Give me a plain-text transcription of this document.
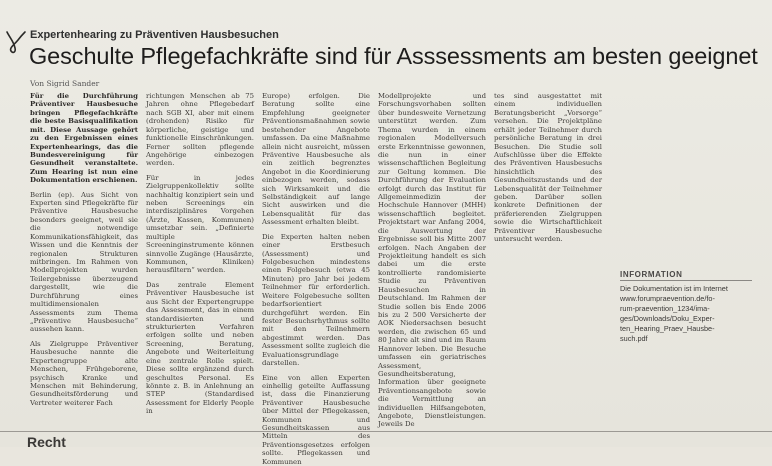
Expertenhearing zu Präventiven Hausbesuchen
Geschulte Pflegefachkräfte sind für Asssessments am besten geeignet
Von Sigrid Sander

Für die Durchführung Präventiver Hausbesuche bringen Pflegefachkräfte die beste Basisqualifikation mit. Diese Aussage gehört zu den Ergebnissen eines Expertenhearings, das die Bundesvereinigung für Gesundheit veranstaltete. Zum Hearing ist nun eine Dokumentation erschienen.

Berlin (ep). Aus Sicht von Experten sind Pflegekräfte für Präventive Hausbesuche besonders geeignet, weil sie die notwendige Kommunikationsfähigkeit, das Wissen und die Kenntnis der regionalen Strukturen mitbringen. Im Rahmen von Modellprojekten wurden Teilergebnisse überzeugend dargestellt, wie die Durchführung eines multidimensionalen Assessments zum Thema „Präventive Hausbesuche“ aussehen kann.

Als Zielgruppe Präventiver Hausbesuche nannte die Expertengruppe alte Menschen, Frühgeborene, psychisch Kranke und Menschen mit Behinderung, Gesundheitsförderung und Vertreter weiterer Fach

richtungen Menschen ab 75 Jahren ohne Pflegebedarf nach SGB XI, aber mit einem (drohenden) Risiko für körperliche, geistige und funktionelle Einschränkungen. Ferner sollten pflegende Angehörige einbezogen werden.

Für in jedes Zielgruppenkollektiv sollte nachhaltig konzipiert sein und neben Screenings ein interdisziplinäres Vorgehen (Ärzte, Kassen, Kommunen) umsetzbar sein. „Definierte multiple Screeninginstrumente können sinnvolle Zugänge (Hausärzte, Kommunen, Kliniken) herausfiltern“ werden.

Das zentrale Element Präventiver Hausbesuche ist aus Sicht der Expertengruppe das Assessment, das in einem standardisierten und strukturierten Verfahren erfolgen sollte und neben Screening, Beratung, Angebote und Weiterleitung eine zentrale Rolle spielt. Diese sollte ergänzend durch geschultes Personal. Es könnte z. B. in Anlehnung an STEP (Standardised Assessment for Elderly People in

Europe) erfolgen. Die Beratung sollte eine Empfehlung geeigneter Präventionsmaßnahmen sowie bestehender Angebote umfassen. Da eine Maßnahme allein nicht ausreicht, müssen Präventive Hausbesuche als ein zeitlich begrenztes Angebot in die Koordinierung einbezogen werden, sodass sich Wirksamkeit und die Selbständigkeit auf lange Sicht auswirken und die Lebensqualität für das Assessment erhalten bleibt.

Die Experten halten neben einer Erstbesuch (Assessment) und Folgebesuchen mindestens einen Folgebesuch (etwa 45 Minuten) pro Jahr bei jedem Teilnehmer für erforderlich. Weitere Folgebesuche sollten bedarfsorientiert durchgeführt werden. Ein fester Besuchsrhythmus sollte mit den Teilnehmern abgestimmt werden. Das Assessment sollte zugleich die Evaluationsgrundlage darstellen.

Eine von allen Experten einhellig geteilte Auffassung ist, dass die Finanzierung Präventiver Hausbesuche über Mittel der Pflegekassen, Kommunen und Gesundheitskassen aus Mitteln des Präventionsgesetzes erfolgen sollte. Pflegekassen und Kommunen

Modellprojekte und Forschungsvorhaben sollten über bundesweite Vernetzung unterstützt werden. Zum Thema wurden in einem regionalen Modellversuch erste Erkenntnisse gewonnen, die nun in einer wissenschaftlichen Begleitung zur Geltung kommen. Die Durchführung der Evaluation erfolgt durch das Institut für Allgemeinmedizin der Hochschule Hannover (MHH) wissenschaftlich begleitet. Projektstart war Anfang 2004, die Auswertung der Ergebnisse soll bis Mitte 2007 erfolgen. Nach Angaben der Projektleitung handelt es sich dabei um die erste kontrollierte randomisierte Studie zu Präventiven Hausbesuchen in Deutschland. Im Rahmen der Studie sollen bis Ende 2006 bis zu 2 500 Versicherte der AOK Niedersachsen besucht werden, die zwischen 65 und 80 Jahre alt sind und im Raum Hannover leben. Die Besuche umfassen ein geriatrisches Assessment, Gesundheitsberatung, Information über geeignete Präventionsangebote sowie die Vermittlung an individuellen Hilfsangeboten, Angebote, Dienstleistungen. Jeweils De

tes sind ausgestattet mit einem individuellen Beratungsbericht „Vorsorge“ versehen. Die Projektpläne erhält jeder Teilnehmer durch persönliche Beratung in drei Besuchen. Die Studie soll Aufschlüsse über die Effekte des Präventiven Hausbesuchs hinsichtlich des Gesundheitszustands und der Lebensqualität der Teilnehmer geben. Darüber sollen konkrete Definitionen der präferierenden Zielgruppen sowie die Wirtschaftlichkeit Präventiver Hausbesuche untersucht werden.

INFORMATION
Die Dokumentation ist im Internet
www.forumpraevention.de/fo-
rum-praevention_1234/ima-
ges/Downloads/Doku_Exper-
ten_Hearing_Praev_Hausbe-
such.pdf
Recht
